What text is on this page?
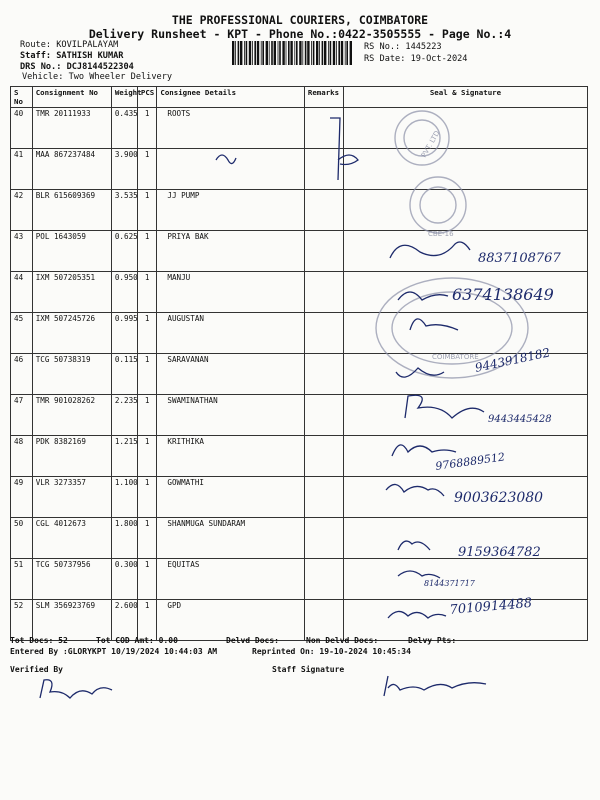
THE PROFESSIONAL COURIERS, COIMBATORE
Delivery Runsheet - KPT - Phone No.:0422-3505555 - Page No.:4
Route: KOVILPALAYAM
Staff: SATHISH KUMAR
DRS No.: DCJ8144522304
Vehicle: Two Wheeler Delivery
RS No.: 1445223
RS Date: 19-Oct-2024
S No	Consignment No	Weight	PCS	Consignee Details	Remarks	Seal & Signature
40	TMR 20111933	0.435	1	ROOTS		
41	MAA 867237484	3.900	1			
42	BLR 615609369	3.535	1	JJ PUMP		
43	POL 1643059	0.625	1	PRIYA BAK		
44	IXM 507205351	0.950	1	MANJU		
45	IXM 507245726	0.995	1	AUGUSTAN		
46	TCG 50738319	0.115	1	SARAVANAN		
47	TMR 901028262	2.235	1	SWAMINATHAN		
48	PDK 8382169	1.215	1	KRITHIKA		
49	VLR 3273357	1.100	1	GOWMATHI		
50	CGL 4012673	1.800	1	SHANMUGA SUNDARAM		
51	TCG 50737956	0.300	1	EQUITAS		
52	SLM 356923769	2.600	1	GPD		
PVT. LTD
CBE-16
COIMBATORE
8837108767
6374138649
9443918182
9443445428
9768889512
9003623080
9159364782
8144371717
7010914488
Tot Docs: 52	Tot COD Amt: 0.00	Delvd Docs:	Non Delvd Docs:	Delvy Pts:
Entered By :GLORYKPT 10/19/2024 10:44:03 AM	Reprinted On: 19-10-2024 10:45:34
Verified By	Staff Signature
